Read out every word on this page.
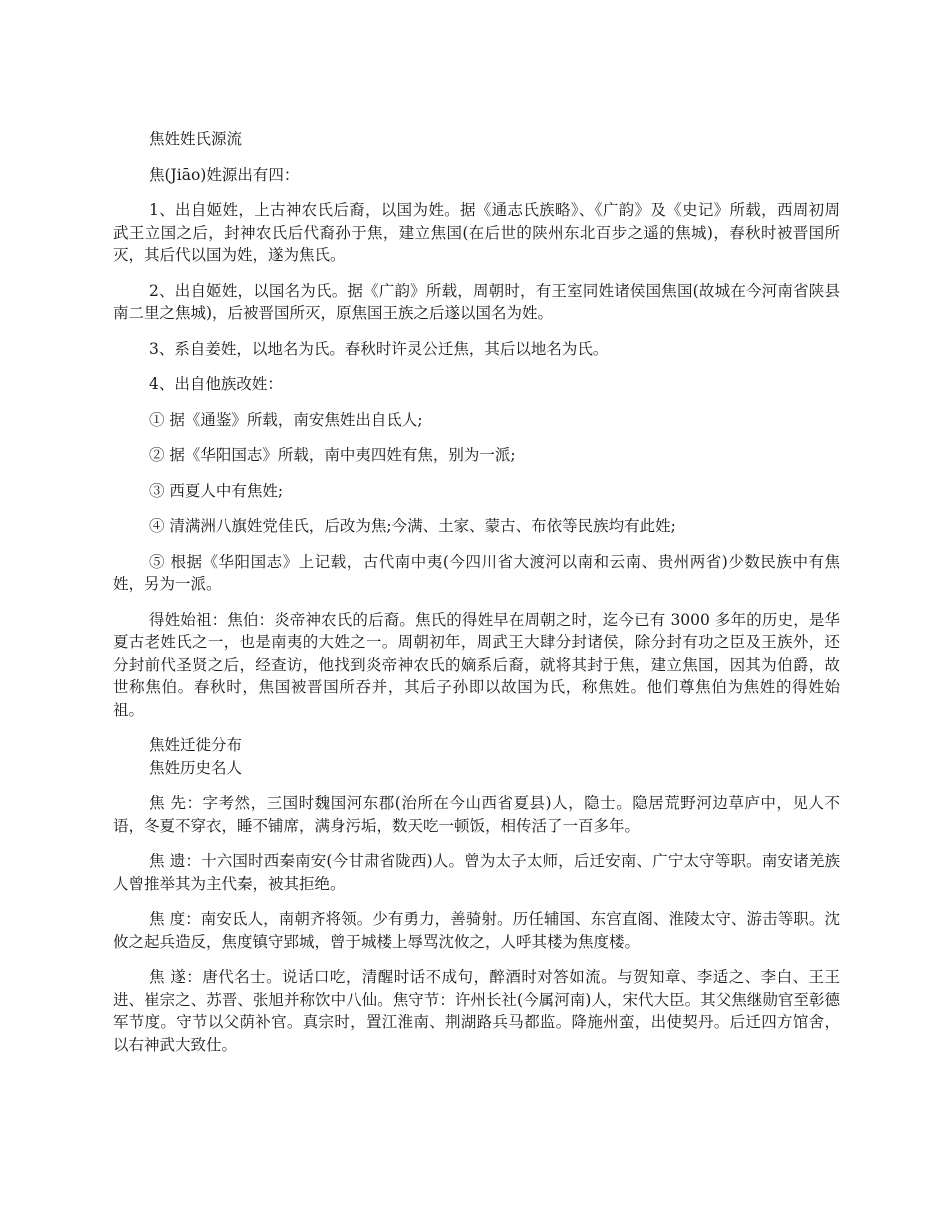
焦姓姓氏源流

焦(Jiāo)姓源出有四：

1、出自姬姓，上古神农氏后裔，以国为姓。据《通志氏族略》、《广韵》及《史记》所载，西周初周武王立国之后，封神农氏后代裔孙于焦，建立焦国(在后世的陕州东北百步之遥的焦城)，春秋时被晋国所灭，其后代以国为姓，遂为焦氏。

2、出自姬姓，以国名为氏。据《广韵》所载，周朝时，有王室同姓诸侯国焦国(故城在今河南省陕县南二里之焦城)，后被晋国所灭，原焦国王族之后遂以国名为姓。

3、系自姜姓，以地名为氏。春秋时许灵公迁焦，其后以地名为氏。

4、出自他族改姓：

① 据《通鉴》所载，南安焦姓出自氐人;

② 据《华阳国志》所载，南中夷四姓有焦，别为一派;

③ 西夏人中有焦姓;

④ 清满洲八旗姓党佳氏，后改为焦;今满、土家、蒙古、布依等民族均有此姓;

⑤ 根据《华阳国志》上记载，古代南中夷(今四川省大渡河以南和云南、贵州两省)少数民族中有焦姓，另为一派。

得姓始祖：焦伯：炎帝神农氏的后裔。焦氏的得姓早在周朝之时，迄今已有 3000 多年的历史，是华夏古老姓氏之一，也是南夷的大姓之一。周朝初年，周武王大肆分封诸侯，除分封有功之臣及王族外，还分封前代圣贤之后，经查访，他找到炎帝神农氏的嫡系后裔，就将其封于焦，建立焦国，因其为伯爵，故世称焦伯。春秋时，焦国被晋国所吞并，其后子孙即以故国为氏，称焦姓。他们尊焦伯为焦姓的得姓始祖。

焦姓迁徙分布

焦姓历史名人

焦 先：字考然，三国时魏国河东郡(治所在今山西省夏县)人，隐士。隐居荒野河边草庐中，见人不语，冬夏不穿衣，睡不铺席，满身污垢，数天吃一顿饭，相传活了一百多年。

焦 遗：十六国时西秦南安(今甘肃省陇西)人。曾为太子太师，后迁安南、广宁太守等职。南安诸羌族人曾推举其为主代秦，被其拒绝。

焦 度：南安氐人，南朝齐将领。少有勇力，善骑射。历任辅国、东宫直阁、淮陵太守、游击等职。沈攸之起兵造反，焦度镇守郢城，曾于城楼上辱骂沈攸之，人呼其楼为焦度楼。

焦 遂：唐代名士。说话口吃，清醒时话不成句，醉酒时对答如流。与贺知章、李适之、李白、王王进、崔宗之、苏晋、张旭并称饮中八仙。焦守节：许州长社(今属河南)人，宋代大臣。其父焦继勋官至彰德军节度。守节以父荫补官。真宗时，置江淮南、荆湖路兵马都监。降施州蛮，出使契丹。后迁四方馆舍，以右神武大致仕。
